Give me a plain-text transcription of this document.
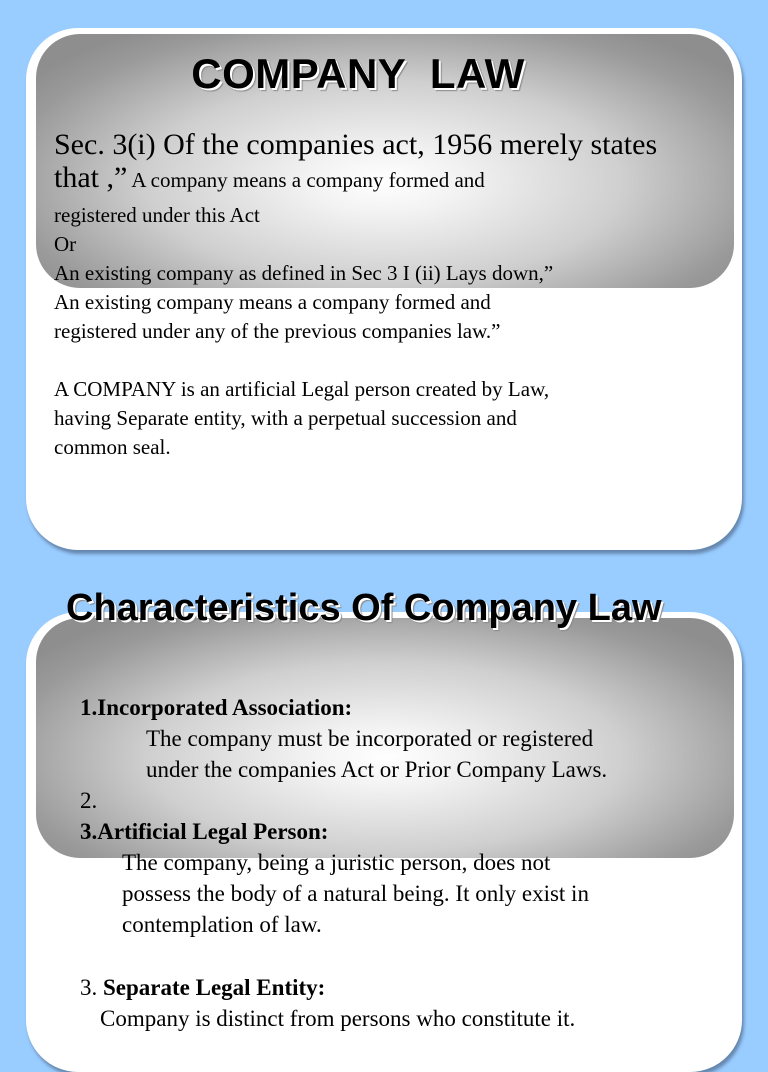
COMPANY  LAW
Sec. 3(i) Of the companies act, 1956 merely states that ,” A company means a company formed and

registered under this Act

Or

An existing company as defined in Sec 3 I (ii) Lays down,”

An existing company means a company formed and

registered under any of the previous companies law.”

A COMPANY is an artificial Legal person created by Law,

having Separate entity, with a perpetual succession and

common seal.

Characteristics Of Company Law

1.Incorporated Association:

The company must be incorporated or registered

under the companies Act or Prior Company Laws.

2.

3.Artificial Legal Person:

The company, being a juristic person, does not

possess the body of a natural being. It only exist in

contemplation of law.

3. Separate Legal Entity:

Company is distinct from persons who constitute it.
